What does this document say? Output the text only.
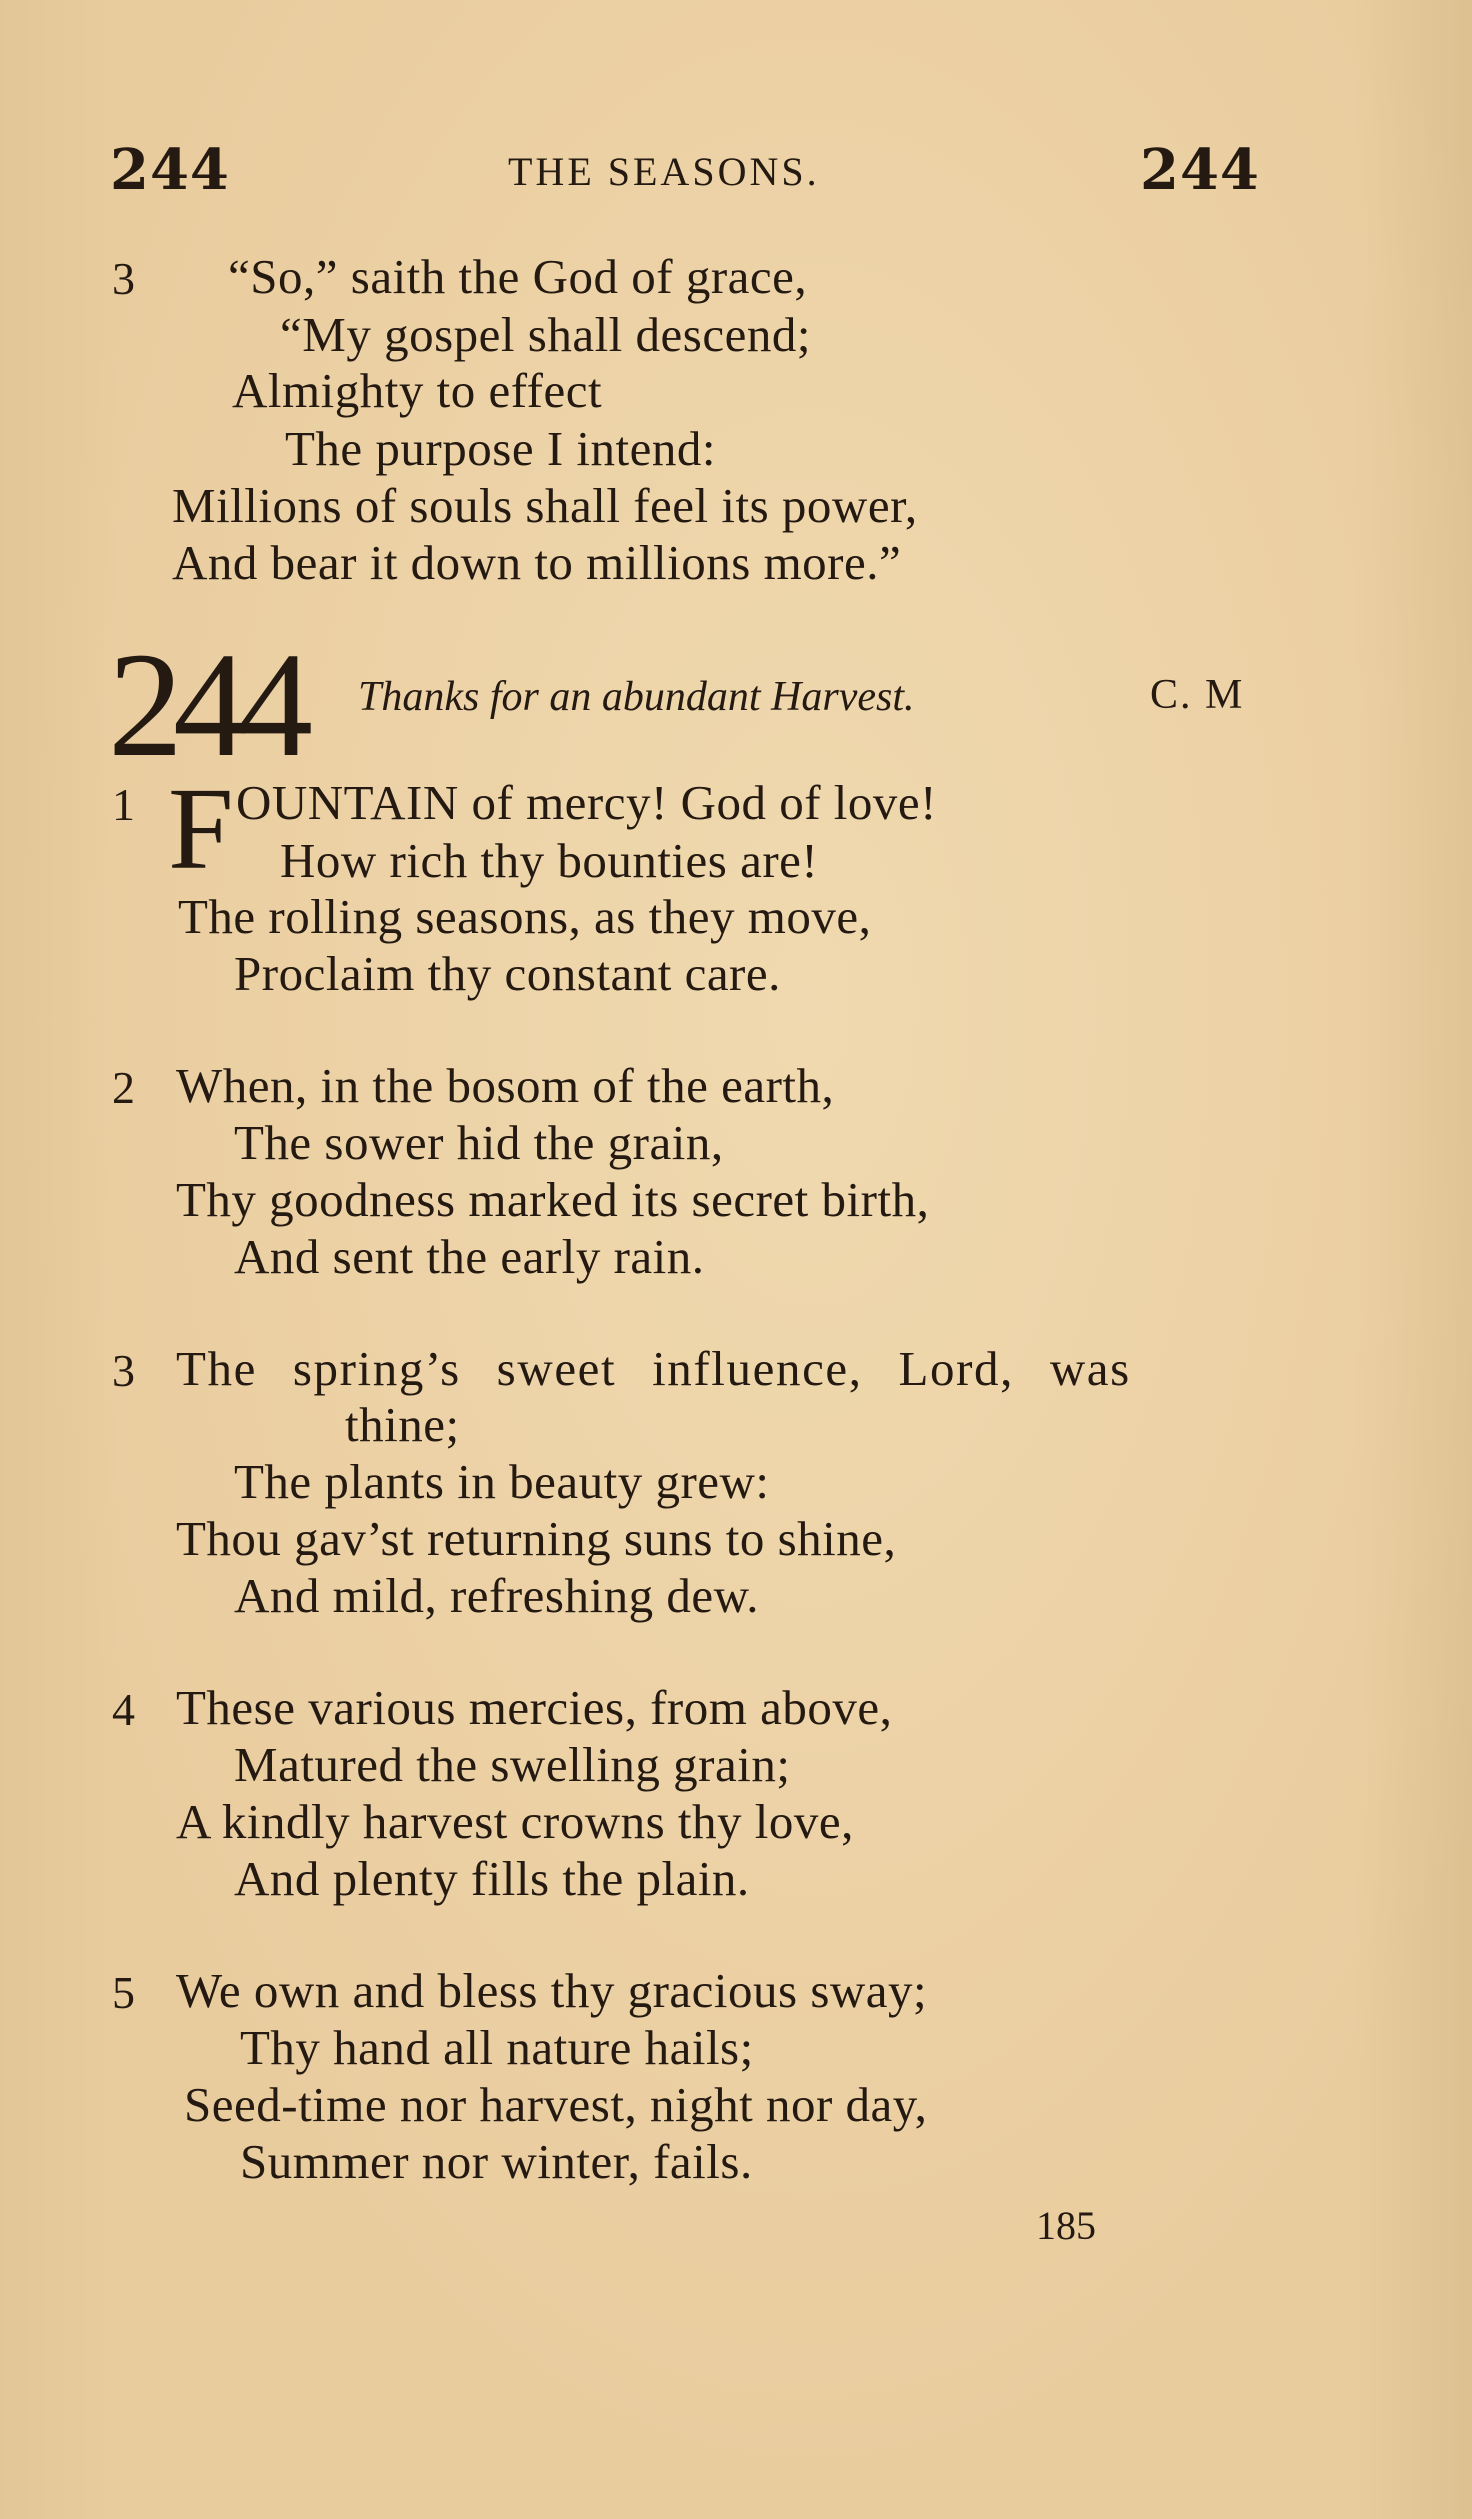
244	THE SEASONS.	244
3 “So,” saith the God of grace,
“My gospel shall descend;
Almighty to effect
The purpose I intend:
Millions of souls shall feel its power,
And bear it down to millions more.”
244 Thanks for an abundant Harvest.	C. M
1 F OUNTAIN of mercy! God of love!
How rich thy bounties are!
The rolling seasons, as they move,
Proclaim thy constant care.
2 When, in the bosom of the earth,
The sower hid the grain,
Thy goodness marked its secret birth,
And sent the early rain.
3 The spring’s sweet influence, Lord, was
thine;
The plants in beauty grew:
Thou gav’st returning suns to shine,
And mild, refreshing dew.
4 These various mercies, from above,
Matured the swelling grain;
A kindly harvest crowns thy love,
And plenty fills the plain.
5 We own and bless thy gracious sway;
Thy hand all nature hails;
Seed-time nor harvest, night nor day,
Summer nor winter, fails.
185
